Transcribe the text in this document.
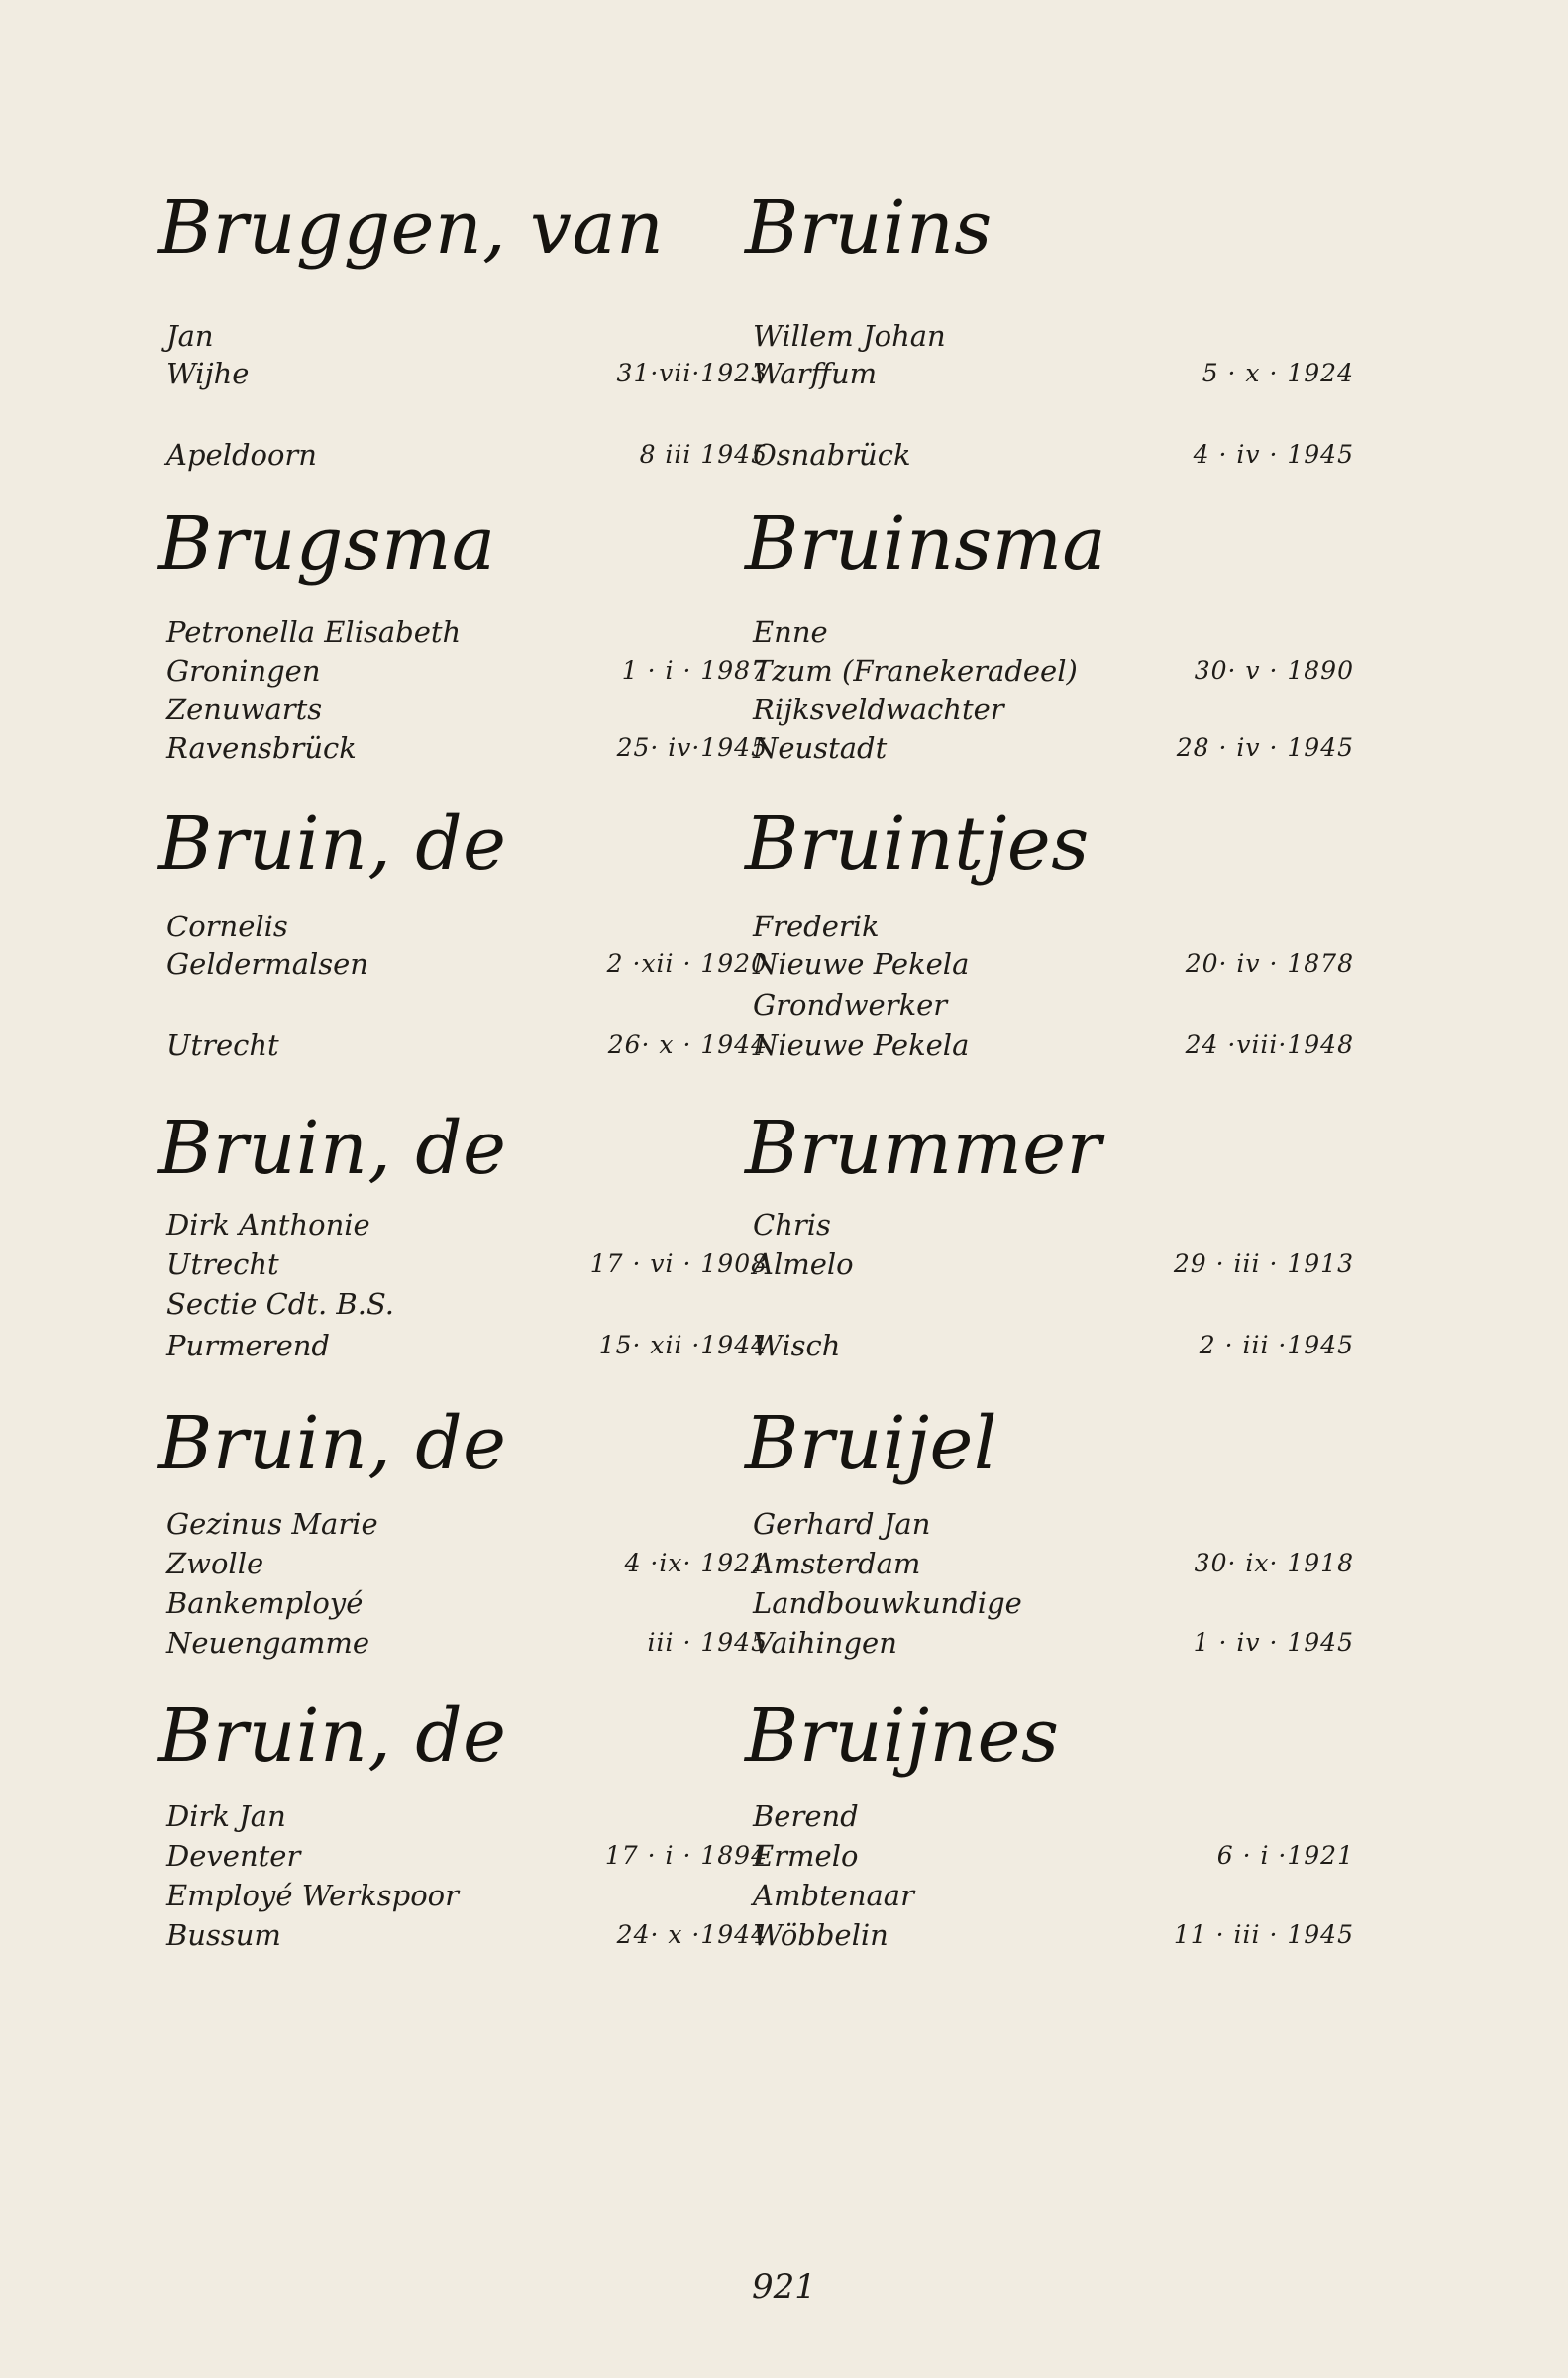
Bruggen, van
Jan
Wijhe	31·vii·1923
Apeldoorn	8 iii 1945
Brugsma
Petronella Elisabeth
Groningen	1 · i · 1987
Zenuwarts
Ravensbrück	25· iv·1945
Bruin, de
Cornelis
Geldermalsen	2 ·xii · 1920
Utrecht	26· x · 1944
Bruin, de
Dirk Anthonie
Utrecht	17 · vi · 1908
Sectie Cdt. B.S.
Purmerend	15· xii ·1944
Bruin, de
Gezinus Marie
Zwolle	4 ·ix· 1921
Bankemployé
Neuengamme	iii · 1945
Bruin, de
Dirk Jan
Deventer	17 · i · 1894
Employé Werkspoor
Bussum	24· x ·1944
Bruins
Willem Johan
Warffum	5 · x · 1924
Osnabrück	4 · iv · 1945
Bruinsma
Enne
Tzum (Franekeradeel)	30· v · 1890
Rijksveldwachter
Neustadt	28 · iv · 1945
Bruintjes
Frederik
Nieuwe Pekela	20· iv · 1878
Grondwerker
Nieuwe Pekela	24 ·viii·1948
Brummer
Chris
Almelo	29 · iii · 1913
Wisch	2 · iii ·1945
Bruijel
Gerhard Jan
Amsterdam	30· ix· 1918
Landbouwkundige
Vaihingen	1 · iv · 1945
Bruijnes
Berend
Ermelo	6 · i ·1921
Ambtenaar
Wöbbelin	11 · iii · 1945
921
